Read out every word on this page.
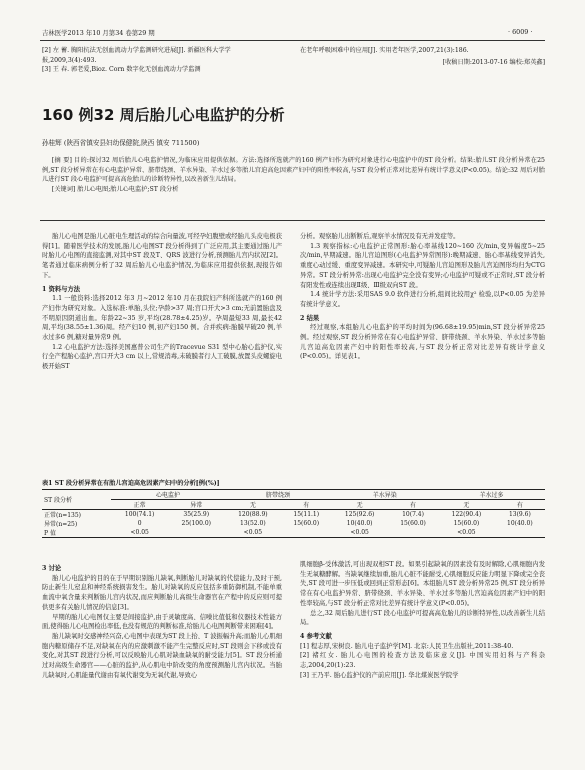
吉林医学2013 年10 月第34 卷第29 期	· 6009 ·
[2] 左 蓄. 胸阳抗法无创血流动力学监测研究进展[J]. 新疆医科大学学报,2009,3(4):493.
[3] 王 春. 郭老爱,Bioz. Corn 数字化无创血流动力学监测
在老年呼吸困难中的应用[J]. 实用老年医学,2007,21(3):186.
[收稿日期:2013-07-16 编校:郑英鑫]
160 例32 周后胎儿心电监护的分析
孙桂辉 (陕西省镇安县妇幼保健院,陕西 镇安 711500)
[摘 要] 目的:探讨32 周后胎儿心电监护情况,为临床应用提供依据。方法:选择所选就产的160 例产妇作为研究对象进行心电监护中的ST 段分析。结果:胎儿ST 段分析异常在25 例,ST 段分析异常在有心电监护异常、脐带绕颈、羊水异染、羊水过多等胎儿宫迫高危因素产妇中的阳性率较高,与ST 段分析正常对比差异有统计学意义(P<0.05)。结论:32 周后对胎儿进行ST 段心电监护可提高高危胎儿的诊断特异性,以改善新生儿结局。
[关键词] 胎儿心电图;胎儿心电监护;ST 段分析

胎儿心电图是胎儿心脏电生理活动的综合向量波,可经孕妇腹壁或经胎儿头皮电极获得[1]。随着医学技术的发展,胎儿心电图ST 段分析得到了广泛应用,其主要通过胎儿产时胎儿心电图的直接监测,对其中ST 段及T、QRS 波进行分析,预测胎儿宫内状况[2]。笔者通过临床病例分析了32 周后胎儿心电监护情况,为临床应用提供依据,现报告如下。

1 资料与方法

1.1 一般资料:选择2012 年3 月~2012 年10 月在我院妇产科所选就产的160 例产妇作为研究对象。入选标准:单胎,头位;孕龄>37 周;宫口开大>3 cm;无前置胎盘及不明原因阴道出血。年龄22~35 岁,平均(28.78±4.25)岁。孕周最短33 周,最长42 周,平均(38.55±1.36)周。经产妇10 例,初产妇150 例。合并疾病:胎膜早破20 例,羊水过多6 例,糖对量异常9 例。

1.2 心电监护方法:选择美国惠普公司生产的Tracevue S31 型中心胎心监护仪,实行全产程胎心监护,宫口开大3 cm 以上,常规消毒,未破膜者行人工破膜,放置头皮螺旋电极开始ST

分析。观察胎儿出断断后,观察羊水情况及有无并发症等。

1.3 观察指标:心电监护正常图形:胎心率基线120~160 次/min,变异幅度5~25 次/min,早期减速。胎儿宫迫图形(心电监护异常图形):晚期减速、胎心率基线变异消失,重度心动过缓、重度变异减速。本研究中,可疑胎儿宫迫图形及胎儿宫迫图形均归为CTG 异常。ST 段分析异常:出现心电监护完全没有变异;心电监护可疑或不正常时,ST 段分析有阳发性或连续出现Ⅱ级、Ⅲ级双向ST 段。

1.4 统计学方法:采用SAS 9.0 软件进行分析,组间比较用χ² 检验,以P<0.05 为差异有统计学意义。

2 结果

经过观察,本组胎儿心电监护的平均时间为(96.68±19.95)min,ST 段分析异常25 例。经过观察,ST 段分析异常在有心电监护异常、脐带绕颈、羊水异染、羊水过多等胎儿宫迫高危因素产妇中的阳性率较高,与ST 段分析正常对比差异有统计学意义(P<0.05)。详见表1。

表1 ST 段分析异常在有胎儿宫迫高危因素产妇中的分析[例(%)]
ST 段分析	心电监护		脐带绕颈		羊水异染		羊水过多	
	正常	异常	无	有	无	有	无	有
正常(n=135)	100(74.1)	35(25.9)	120(88.9)	15(11.1)	125(92.6)	10(7.4)	122(90.4)	13(9.6)
异常(n=25)	0	25(100.0)	13(52.0)	15(60.0)	10(40.0)	15(60.0)	15(60.0)	10(40.0)
P 值	<0.05		<0.05		<0.05		<0.05	

3 讨论

胎儿心电监护的目的在于早期识别胎儿缺氧,判断胎儿对缺氧的代偿能力,及时干预,防止新生儿窒息和神经系统损害发生。胎儿对缺氧的反应包括多重防御机制,不能单重血流中氧含量来判断胎儿宫内状况,而应判断胎儿高级生命器官在产程中的反应则可提供更多有关胎儿情况的信息[3]。

早期的胎儿心电图仅主要是间接监护,由于灵敏度高、信噪比值低和仪器技术性能方面,使得胎儿心电图检出率低,也没有规范的判断标准,给胎儿心电图判断带来困难[4]。

胎儿缺氧时交感神经兴奋,心电图中表现为ST 段上抬、T 波振幅升高;而胎儿心肌细胞内糖原储存不足,对缺氧在内的应激刺激不能产生完整反应时,ST 段则会下移或没有变化,对其ST 段进行分析,可以反映胎儿心肌对缺血缺氧的耐受能力[5]。ST 段分析通过对高级生命器官——心脏的监护,从心肌电中阶改变的角度预测胎儿宫内状况。当胎儿缺氧时,心肌能量代谢由有氧代谢变为无氧代谢,导致心

肌细胞β-受体激活,可出现双相ST 段。如果引起缺氧的因素没有及时解除,心肌细胞内发生无氧糖酵解。当缺氧继续加重,胎儿心脏不能耐受,心肌细胞反应能力明显下降或完全丧失,ST 段可进一步压低或回到正常形态[6]。本组胎儿ST 段分析异常25 例,ST 段分析异常在有心电监护异常、脐带绕颈、羊水异染、羊水过多等胎儿宫迫高危因素产妇中的阳性率较高,与ST 段分析正常对比差异有统计学意义(P<0.05)。

总之,32 周后胎儿进行ST 段心电监护可提高高危胎儿的诊断特异性,以改善新生儿结局。

4 参考文献

[1] 程志厚,宋树良. 胎儿电子监护学[M]. 北京:人民卫生出版社,2011:38-40.

[2] 褚红女. 胎儿心电图的检查方法及临床意义[J]. 中国实用妇科与产科杂志,2004,20(1):23.

[3] 王乃平. 胎心监护仪的产前应用[J]. 华北煤炭医学院学
